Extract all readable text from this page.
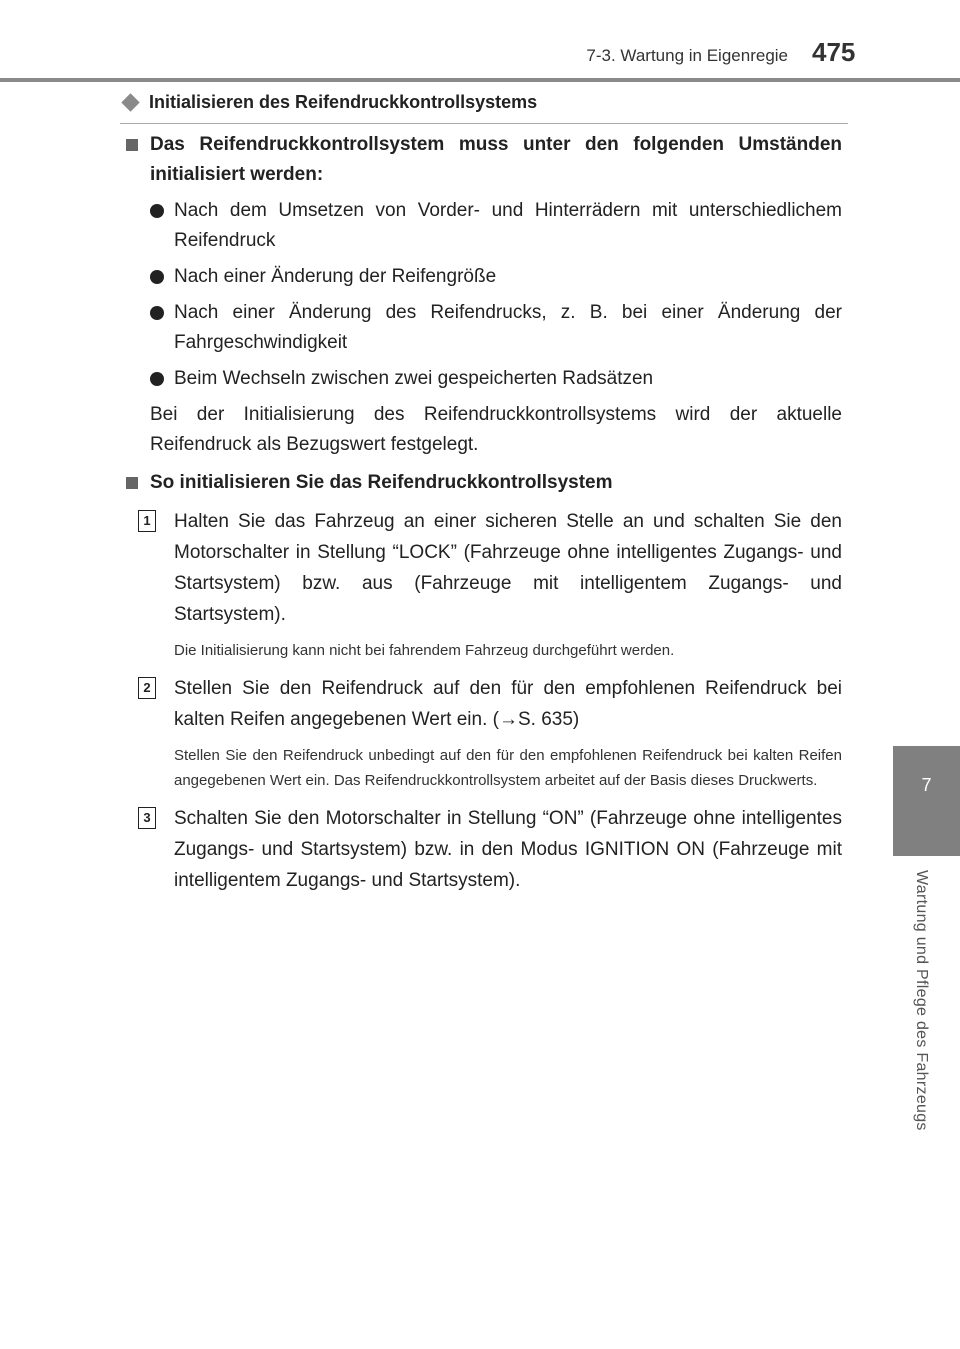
7-3. Wartung in Eigenregie 475
7
Wartung und Pflege des Fahrzeugs
Initialisieren des Reifendruckkontrollsystems
Das Reifendruckkontrollsystem muss unter den folgenden Umständen initialisiert werden:
Nach dem Umsetzen von Vorder- und Hinterrädern mit unterschiedlichem Reifendruck
Nach einer Änderung der Reifengröße
Nach einer Änderung des Reifendrucks, z. B. bei einer Änderung der Fahrgeschwindigkeit
Beim Wechseln zwischen zwei gespeicherten Radsätzen
Bei der Initialisierung des Reifendruckkontrollsystems wird der aktuelle Reifendruck als Bezugswert festgelegt.
So initialisieren Sie das Reifendruckkontrollsystem
1 Halten Sie das Fahrzeug an einer sicheren Stelle an und schalten Sie den Motorschalter in Stellung “LOCK” (Fahrzeuge ohne intelligentes Zugangs- und Startsystem) bzw. aus (Fahrzeuge mit intelligentem Zugangs- und Startsystem).
Die Initialisierung kann nicht bei fahrendem Fahrzeug durchgeführt werden.
2 Stellen Sie den Reifendruck auf den für den empfohlenen Reifendruck bei kalten Reifen angegebenen Wert ein. (→S. 635)
Stellen Sie den Reifendruck unbedingt auf den für den empfohlenen Reifendruck bei kalten Reifen angegebenen Wert ein. Das Reifendruckkontrollsystem arbeitet auf der Basis dieses Druckwerts.
3 Schalten Sie den Motorschalter in Stellung “ON” (Fahrzeuge ohne intelligentes Zugangs- und Startsystem) bzw. in den Modus IGNITION ON (Fahrzeuge mit intelligentem Zugangs- und Startsystem).
